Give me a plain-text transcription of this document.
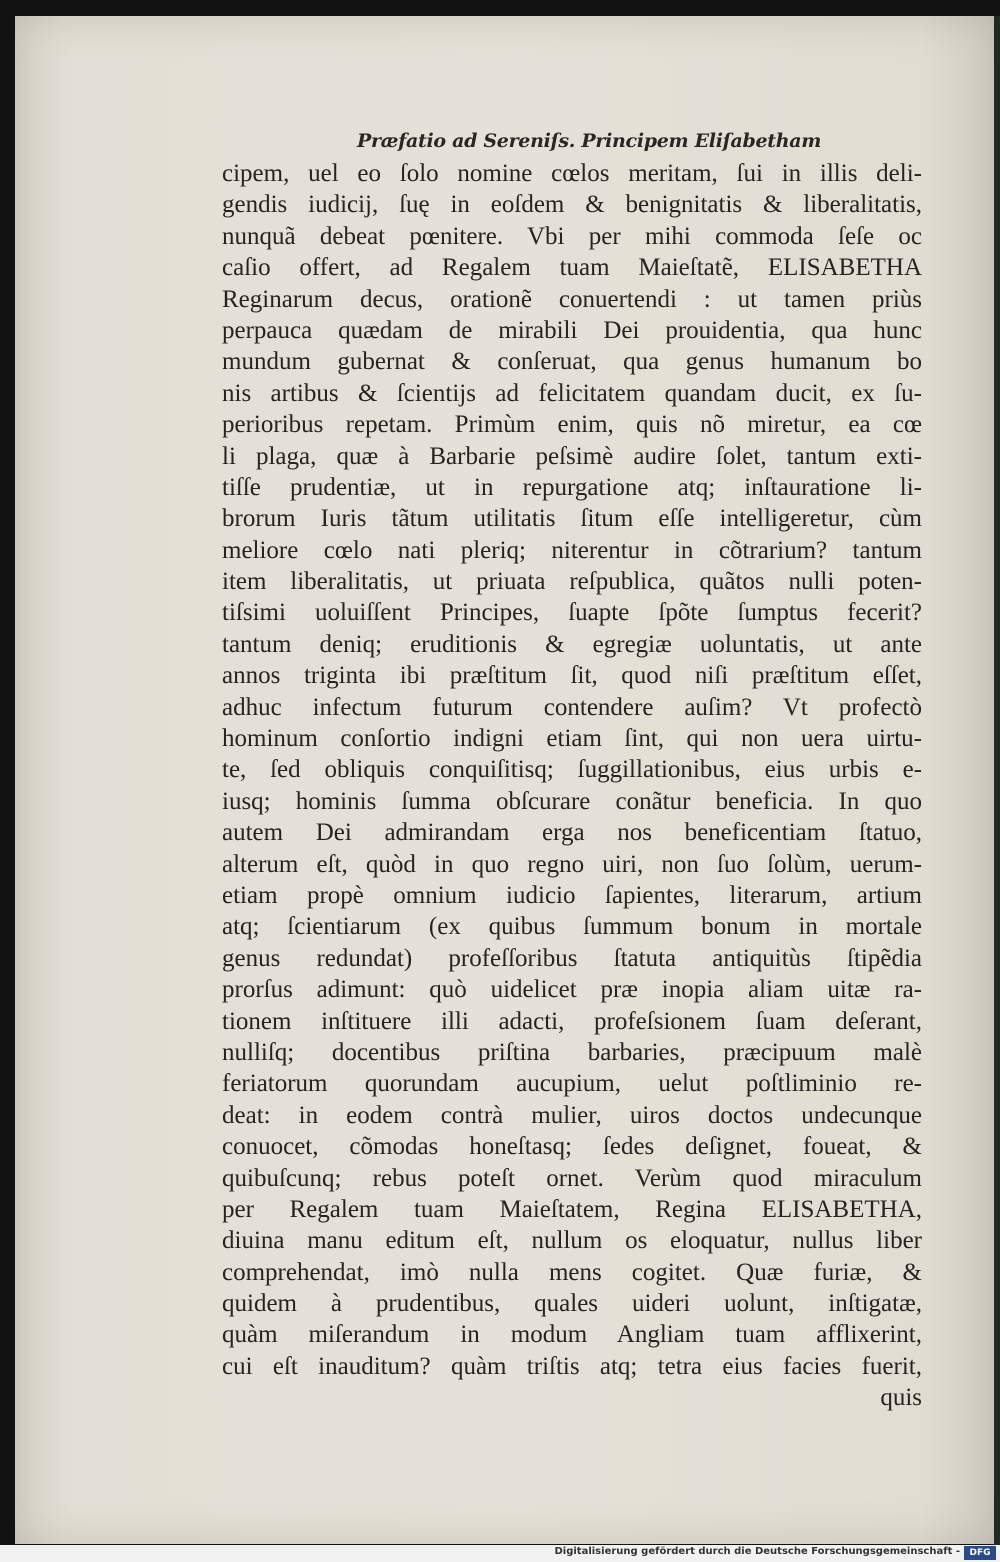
Præfatio ad Sereniſs. Principem Eliſabetham
cipem, uel eo ſolo nomine cœlos meritam, ſui in illis deli-
gendis iudicij, ſuę in eoſdem & benignitatis & liberalitatis,
nunquã debeat pœnitere. Vbi per mihi commoda ſeſe oc
caſio offert, ad Regalem tuam Maieſtatẽ, ELISABETHA
Reginarum decus, orationẽ conuertendi : ut tamen priùs
perpauca quædam de mirabili Dei prouidentia, qua hunc
mundum gubernat & conſeruat, qua genus humanum bo
nis artibus & ſcientijs ad felicitatem quandam ducit, ex ſu-
perioribus repetam. Primùm enim, quis nõ miretur, ea cœ
li plaga, quæ à Barbarie peſsimè audire ſolet, tantum exti-
tiſſe prudentiæ, ut in repurgatione atq; inſtauratione li-
brorum Iuris tãtum utilitatis ſitum eſſe intelligeretur, cùm
meliore cœlo nati pleriq; niterentur in cõtrarium? tantum
item liberalitatis, ut priuata reſpublica, quãtos nulli poten-
tiſsimi uoluiſſent Principes, ſuapte ſpõte ſumptus fecerit?
tantum deniq; eruditionis & egregiæ uoluntatis, ut ante
annos triginta ibi præſtitum ſit, quod niſi præſtitum eſſet,
adhuc infectum futurum contendere auſim? Vt profectò
hominum conſortio indigni etiam ſint, qui non uera uirtu-
te, ſed obliquis conquiſitisq; ſuggillationibus, eius urbis e-
iusq; hominis ſumma obſcurare conãtur beneficia. In quo
autem Dei admirandam erga nos beneficentiam ſtatuo,
alterum eſt, quòd in quo regno uiri, non ſuo ſolùm, uerum-
etiam propè omnium iudicio ſapientes, literarum, artium
atq; ſcientiarum (ex quibus ſummum bonum in mortale
genus redundat) profeſſoribus ſtatuta antiquitùs ſtipẽdia
prorſus adimunt: quò uidelicet præ inopia aliam uitæ ra-
tionem inſtituere illi adacti, profeſsionem ſuam deſerant,
nulliſq; docentibus priſtina barbaries, præcipuum malè
feriatorum quorundam aucupium, uelut poſtliminio re-
deat: in eodem contrà mulier, uiros doctos undecunque
conuocet, cõmodas honeſtasq; ſedes deſignet, foueat, &
quibuſcunq; rebus poteſt ornet. Verùm quod miraculum
per Regalem tuam Maieſtatem, Regina ELISABETHA,
diuina manu editum eſt, nullum os eloquatur, nullus liber
comprehendat, imò nulla mens cogitet. Quæ furiæ, &
quidem à prudentibus, quales uideri uolunt, inſtigatæ,
quàm miſerandum in modum Angliam tuam afflixerint,
cui eſt inauditum? quàm triſtis atq; tetra eius facies fuerit,
quis
Digitalisierung gefördert durch die Deutsche Forschungsgemeinschaft -	DFG
